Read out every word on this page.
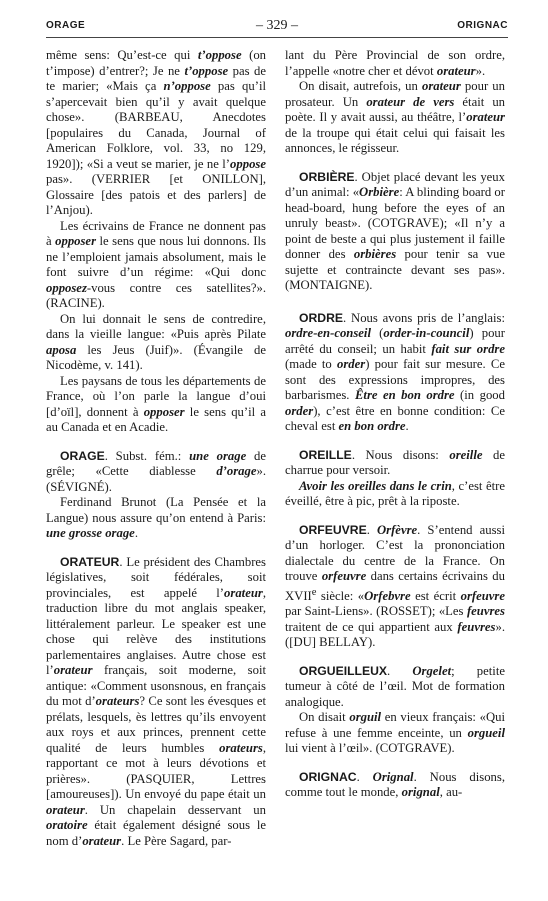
ORAGE	– 329 –	ORIGNAC

même sens: Qu’est-ce qui t’oppose (on t’impose) d’entrer?; Je ne t’oppose pas de te marier; «Mais ça n’oppose pas qu’il s’apercevait bien qu’il y avait quelque chose». (BARBEAU, Anecdotes [populaires du Canada, Journal of American Folklore, vol. 33, no 129, 1920]); «Si a veut se marier, je ne l’oppose pas». (VERRIER [et ONILLON], Glossaire [des patois et des parlers] de l’Anjou).

Les écrivains de France ne donnent pas à opposer le sens que nous lui donnons. Ils ne l’emploient jamais absolument, mais le font suivre d’un régime: «Qui donc opposez-vous contre ces satellites?». (RACINE).

On lui donnait le sens de contredire, dans la vieille langue: «Puis après Pilate aposa les Jeus (Juif)». (Évangile de Nicodème, v. 141).

Les paysans de tous les départements de France, où l’on parle la langue d’oui [d’oïl], donnent à opposer le sens qu’il a au Canada et en Acadie.

ORAGE. Subst. fém.: une orage de grêle; «Cette diablesse d’orage». (SÉVIGNÉ).

Ferdinand Brunot (La Pensée et la Langue) nous assure qu’on entend à Paris: une grosse orage.

ORATEUR. Le président des Chambres législatives, soit fédérales, soit provinciales, est appelé l’orateur, traduction libre du mot anglais speaker, littéralement parleur. Le speaker est une chose qui relève des institutions parlementaires anglaises. Autre chose est l’orateur français, soit moderne, soit antique: «Comment usonsnous, en français du mot d’orateurs? Ce sont les évesques et prélats, lesquels, ès lettres qu’ils envoyent aux roys et aux princes, prennent cette qualité de leurs humbles orateurs, rapportant ce mot à leurs dévotions et prières». (PASQUIER, Lettres [amoureuses]). Un envoyé du pape était un orateur. Un chapelain desservant un oratoire était également désigné sous le nom d’orateur. Le Père Sagard, par-

lant du Père Provincial de son ordre, l’appelle «notre cher et dévot orateur».

On disait, autrefois, un orateur pour un prosateur. Un orateur de vers était un poète. Il y avait aussi, au théâtre, l’orateur de la troupe qui était celui qui faisait les annonces, le régisseur.

ORBIÈRE. Objet placé devant les yeux d’un animal: «Orbière: A blinding board or head-board, hung before the eyes of an unruly beast». (COTGRAVE); «Il n’y a point de beste a qui plus justement il faille donner des orbières pour tenir sa vue sujette et contraincte devant ses pas». (MONTAIGNE).

ORDRE. Nous avons pris de l’anglais: ordre-en-conseil (order-in-council) pour arrêté du conseil; un habit fait sur ordre (made to order) pour fait sur mesure. Ce sont des expressions impropres, des barbarismes. Être en bon ordre (in good order), c’est être en bonne condition: Ce cheval est en bon ordre.

OREILLE. Nous disons: oreille de charrue pour versoir.

Avoir les oreilles dans le crin, c’est être éveillé, être à pic, prêt à la riposte.

ORFEUVRE. Orfèvre. S’entend aussi d’un horloger. C’est la prononciation dialectale du centre de la France. On trouve orfeuvre dans certains écrivains du XVIIe siècle: «Orfebvre est écrit orfeuvre par Saint-Liens». (ROSSET); «Les feuvres traitent de ce qui appartient aux feuvres». ([DU] BELLAY).

ORGUEILLEUX. Orgelet; petite tumeur à côté de l’œil. Mot de formation analogique.

On disait orguil en vieux français: «Qui refuse à une femme enceinte, un orgueil lui vient à l’œil». (COTGRAVE).

ORIGNAC. Orignal. Nous disons, comme tout le monde, orignal, au-
